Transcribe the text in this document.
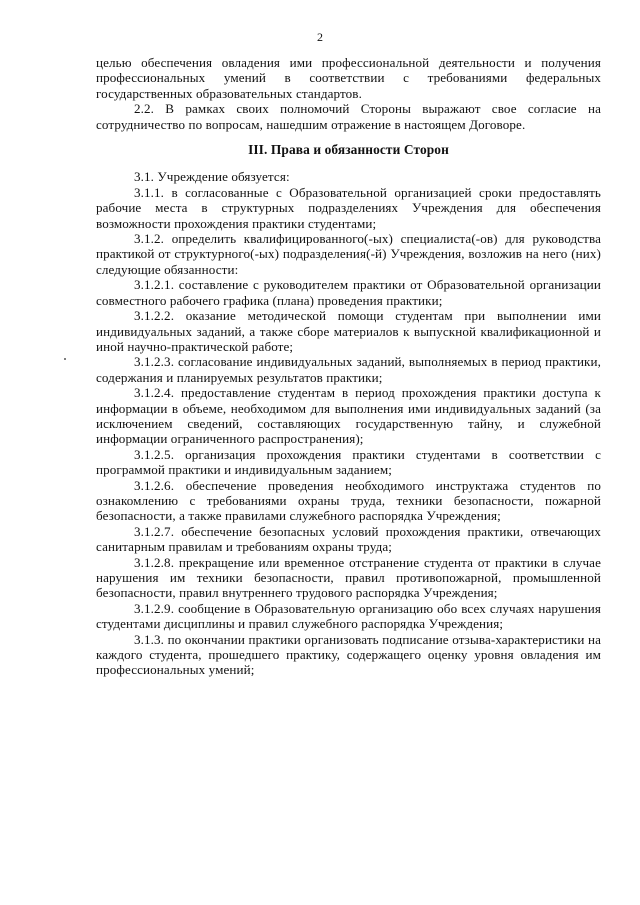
2

целью обеспечения овладения ими профессиональной деятельности и получения профессиональных умений в соответствии с требованиями федеральных государственных образовательных стандартов.

2.2. В рамках своих полномочий Стороны выражают свое согласие на сотрудничество по вопросам, нашедшим отражение в настоящем Договоре.

III. Права и обязанности Сторон

3.1. Учреждение обязуется:

3.1.1. в согласованные с Образовательной организацией сроки предоставлять рабочие места в структурных подразделениях Учреждения для обеспечения возможности прохождения практики студентами;

3.1.2. определить квалифицированного(-ых) специалиста(-ов) для руководства практикой от структурного(-ых) подразделения(-й) Учреждения, возложив на него (них) следующие обязанности:

3.1.2.1. составление с руководителем практики от Образовательной организации совместного рабочего графика (плана) проведения практики;

3.1.2.2. оказание методической помощи студентам при выполнении ими индивидуальных заданий, а также сборе материалов к выпускной квалификационной и иной научно-практической работе;

3.1.2.3. согласование индивидуальных заданий, выполняемых в период практики, содержания и планируемых результатов практики;

3.1.2.4. предоставление студентам в период прохождения практики доступа к информации в объеме, необходимом для выполнения ими индивидуальных заданий (за исключением сведений, составляющих государственную тайну, и служебной информации ограниченного распространения);

3.1.2.5. организация прохождения практики студентами в соответствии с программой практики и индивидуальным заданием;

3.1.2.6. обеспечение проведения необходимого инструктажа студентов по ознакомлению с требованиями охраны труда, техники безопасности, пожарной безопасности, а также правилами служебного распорядка Учреждения;

3.1.2.7. обеспечение безопасных условий прохождения практики, отвечающих санитарным правилам и требованиям охраны труда;

3.1.2.8. прекращение или временное отстранение студента от практики в случае нарушения им техники безопасности, правил противопожарной, промышленной безопасности, правил внутреннего трудового распорядка Учреждения;

3.1.2.9. сообщение в Образовательную организацию обо всех случаях нарушения студентами дисциплины и правил служебного распорядка Учреждения;

3.1.3. по окончании практики организовать подписание отзыва-характеристики на каждого студента, прошедшего практику, содержащего оценку уровня овладения им профессиональных умений;
